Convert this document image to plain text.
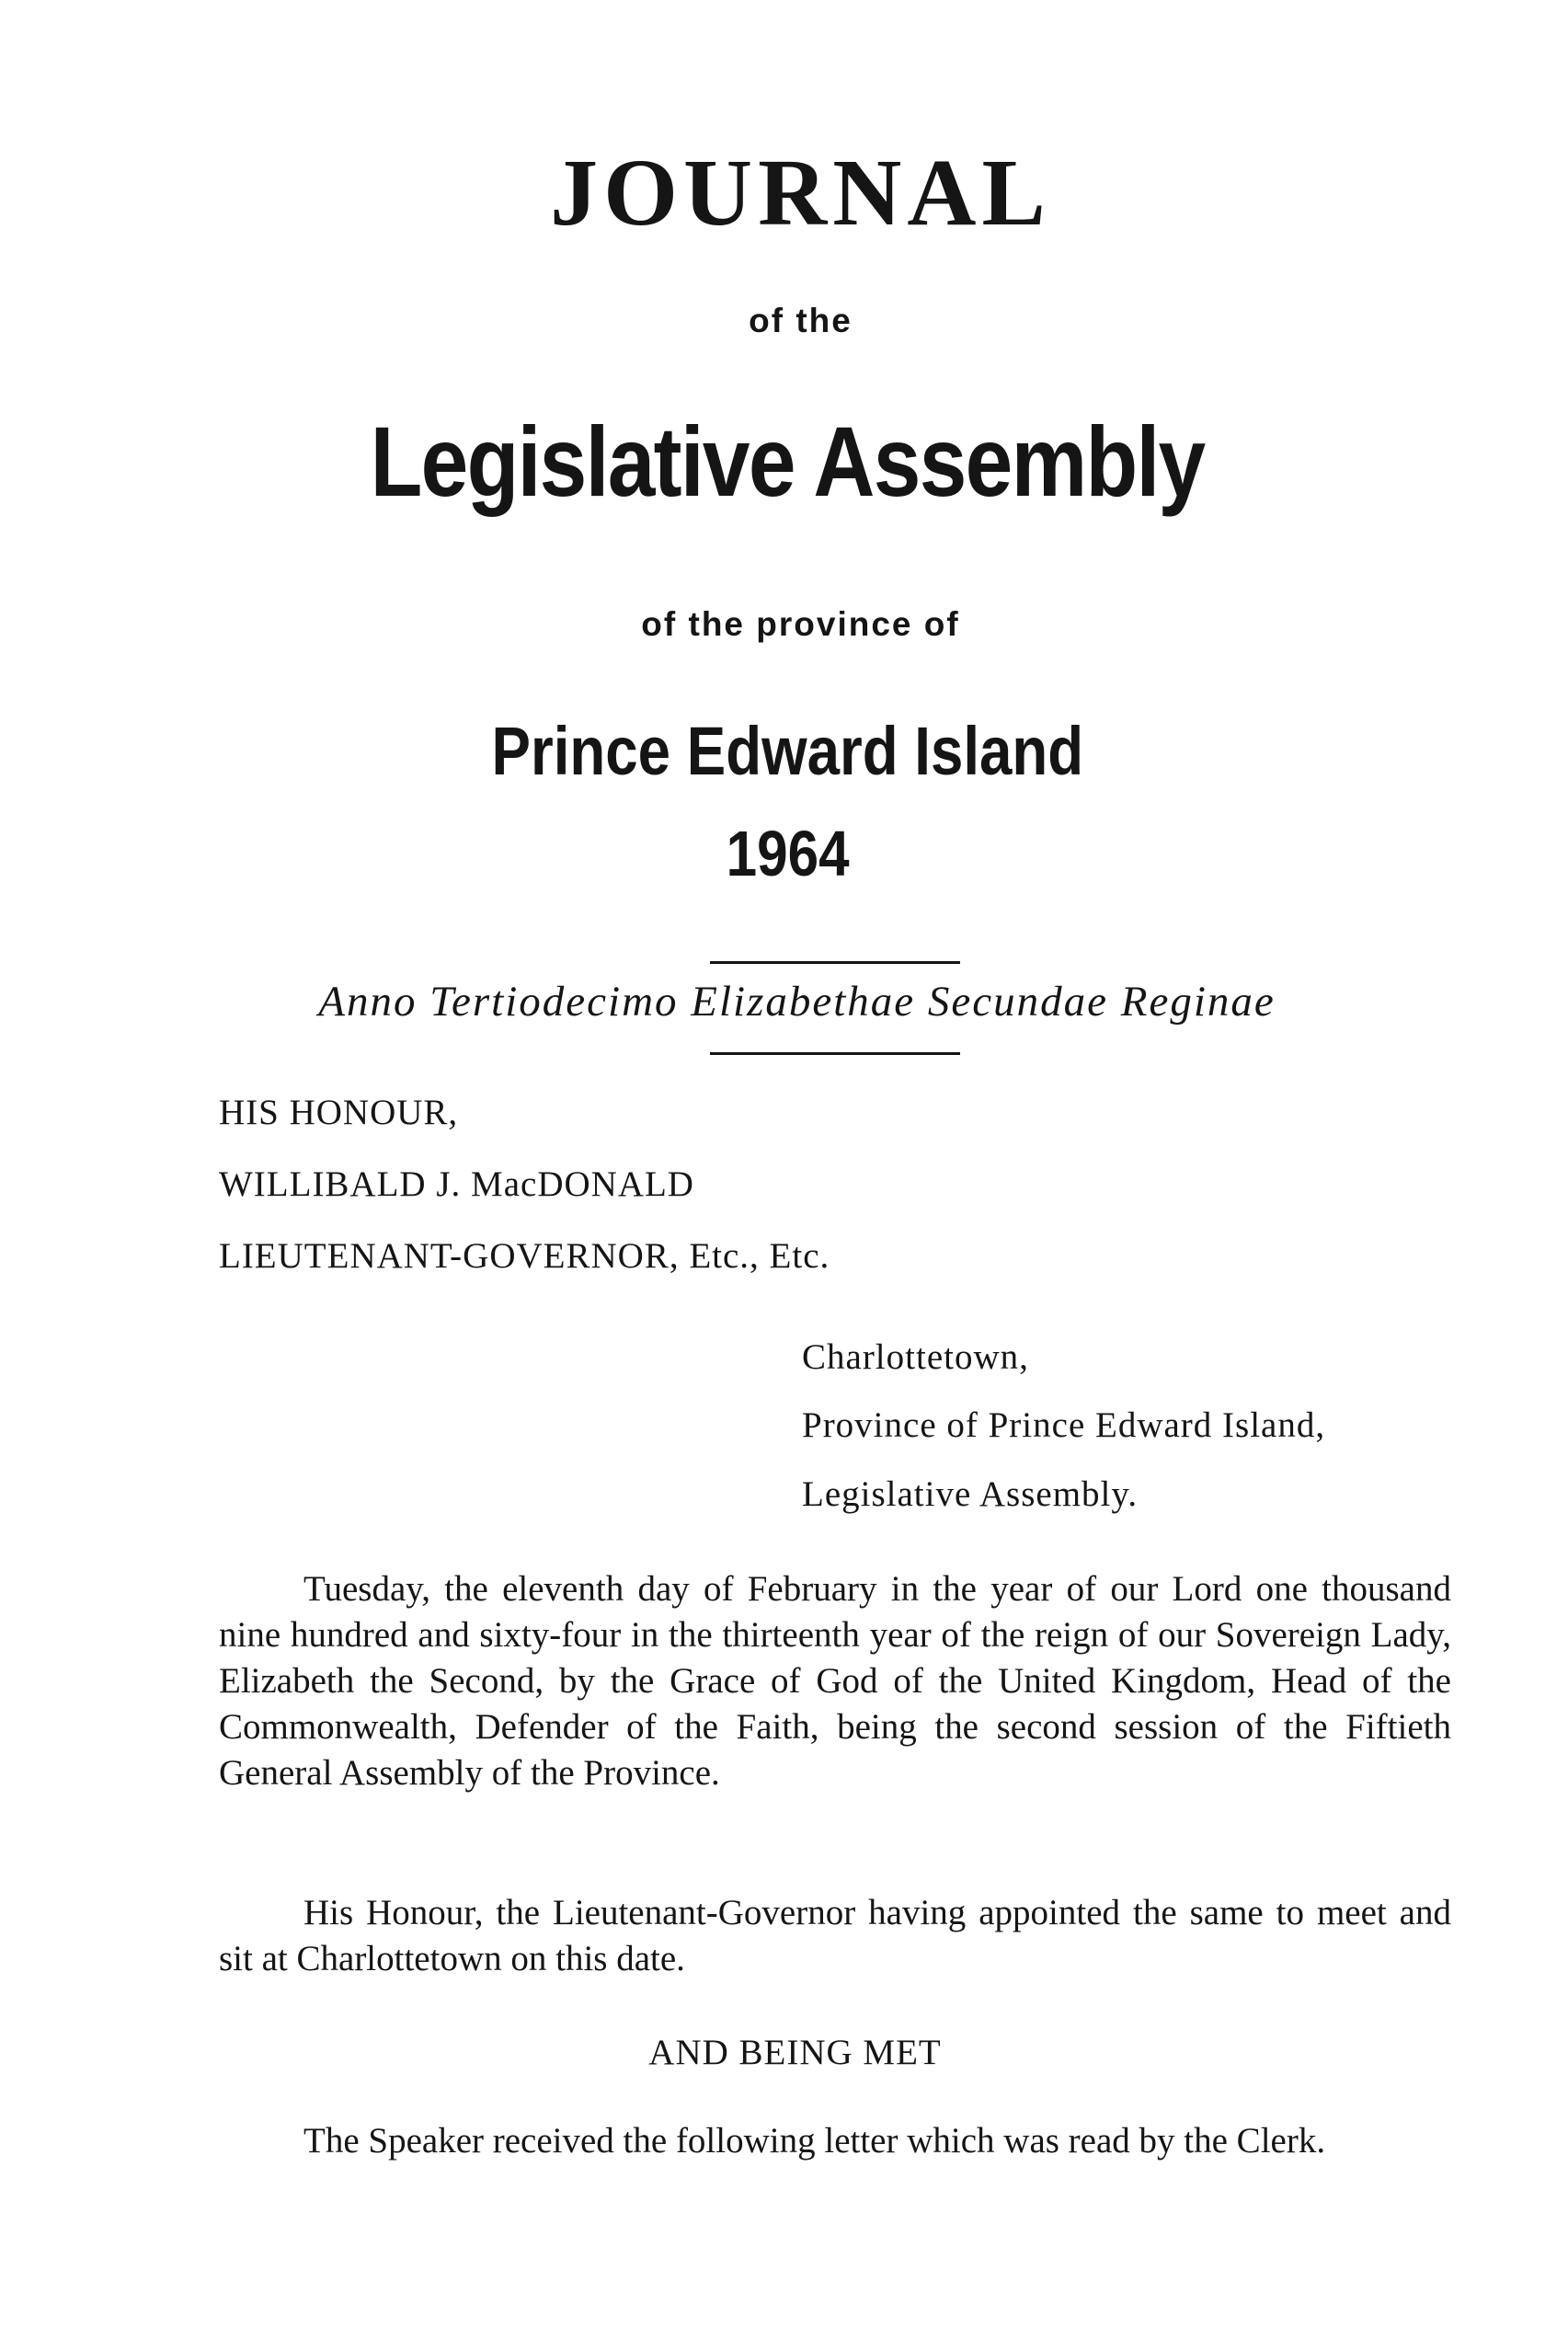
JOURNAL
of the
Legislative Assembly
of the province of
Prince Edward Island
1964
Anno Tertiodecimo Elizabethae Secundae Reginae
HIS HONOUR,
WILLIBALD J. MacDONALD
LIEUTENANT-GOVERNOR, Etc., Etc.
Charlottetown,
Province of Prince Edward Island,
Legislative Assembly.

Tuesday, the eleventh day of February in the year of our Lord one thousand nine hundred and sixty-four in the thirteenth year of the reign of our Sovereign Lady, Elizabeth the Second, by the Grace of God of the United Kingdom, Head of the Commonwealth, Defender of the Faith, being the second session of the Fiftieth General Assembly of the Province.

His Honour, the Lieutenant-Governor having appointed the same to meet and sit at Charlottetown on this date.

AND BEING MET

The Speaker received the following letter which was read by the Clerk.
